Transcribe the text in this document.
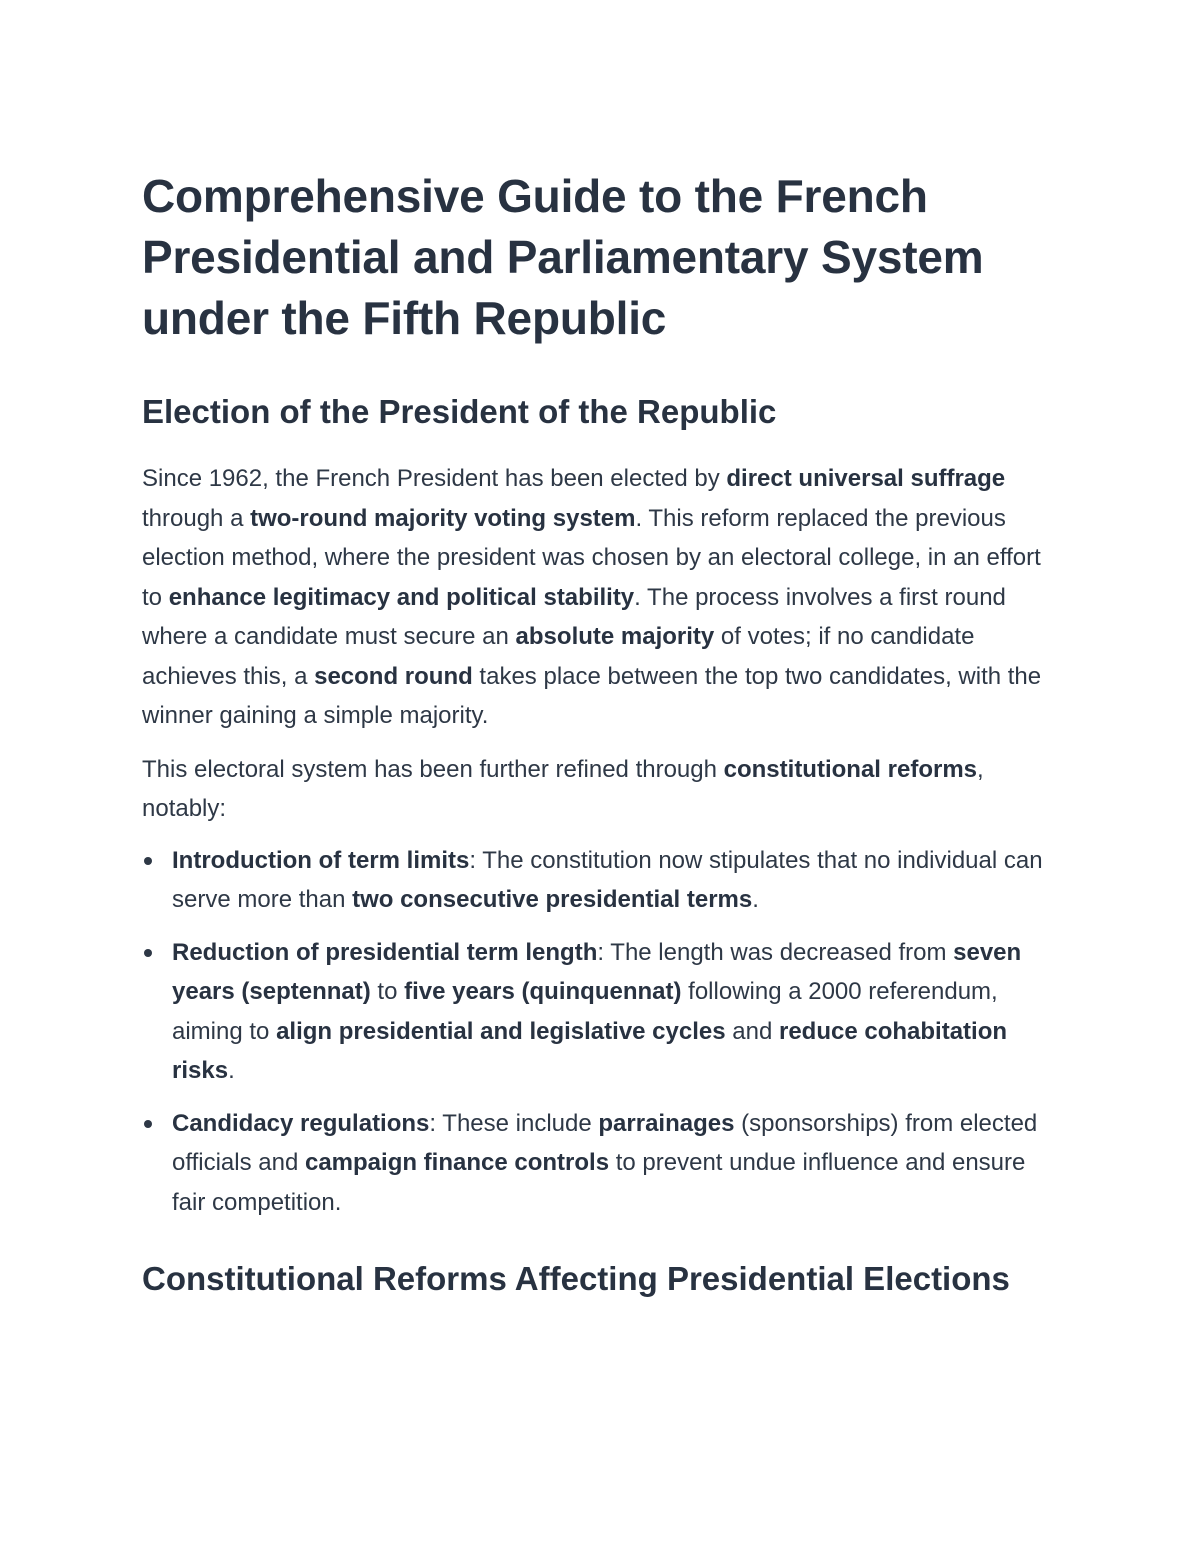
Comprehensive Guide to the French Presidential and Parliamentary System under the Fifth Republic
Election of the President of the Republic

Since 1962, the French President has been elected by direct universal suffrage through a two-round majority voting system. This reform replaced the previous election method, where the president was chosen by an electoral college, in an effort to enhance legitimacy and political stability. The process involves a first round where a candidate must secure an absolute majority of votes; if no candidate achieves this, a second round takes place between the top two candidates, with the winner gaining a simple majority.

This electoral system has been further refined through constitutional reforms, notably:

Introduction of term limits: The constitution now stipulates that no individual can serve more than two consecutive presidential terms.
Reduction of presidential term length: The length was decreased from seven years (septennat) to five years (quinquennat) following a 2000 referendum, aiming to align presidential and legislative cycles and reduce cohabitation risks.
Candidacy regulations: These include parrainages (sponsorships) from elected officials and campaign finance controls to prevent undue influence and ensure fair competition.
Constitutional Reforms Affecting Presidential Elections
